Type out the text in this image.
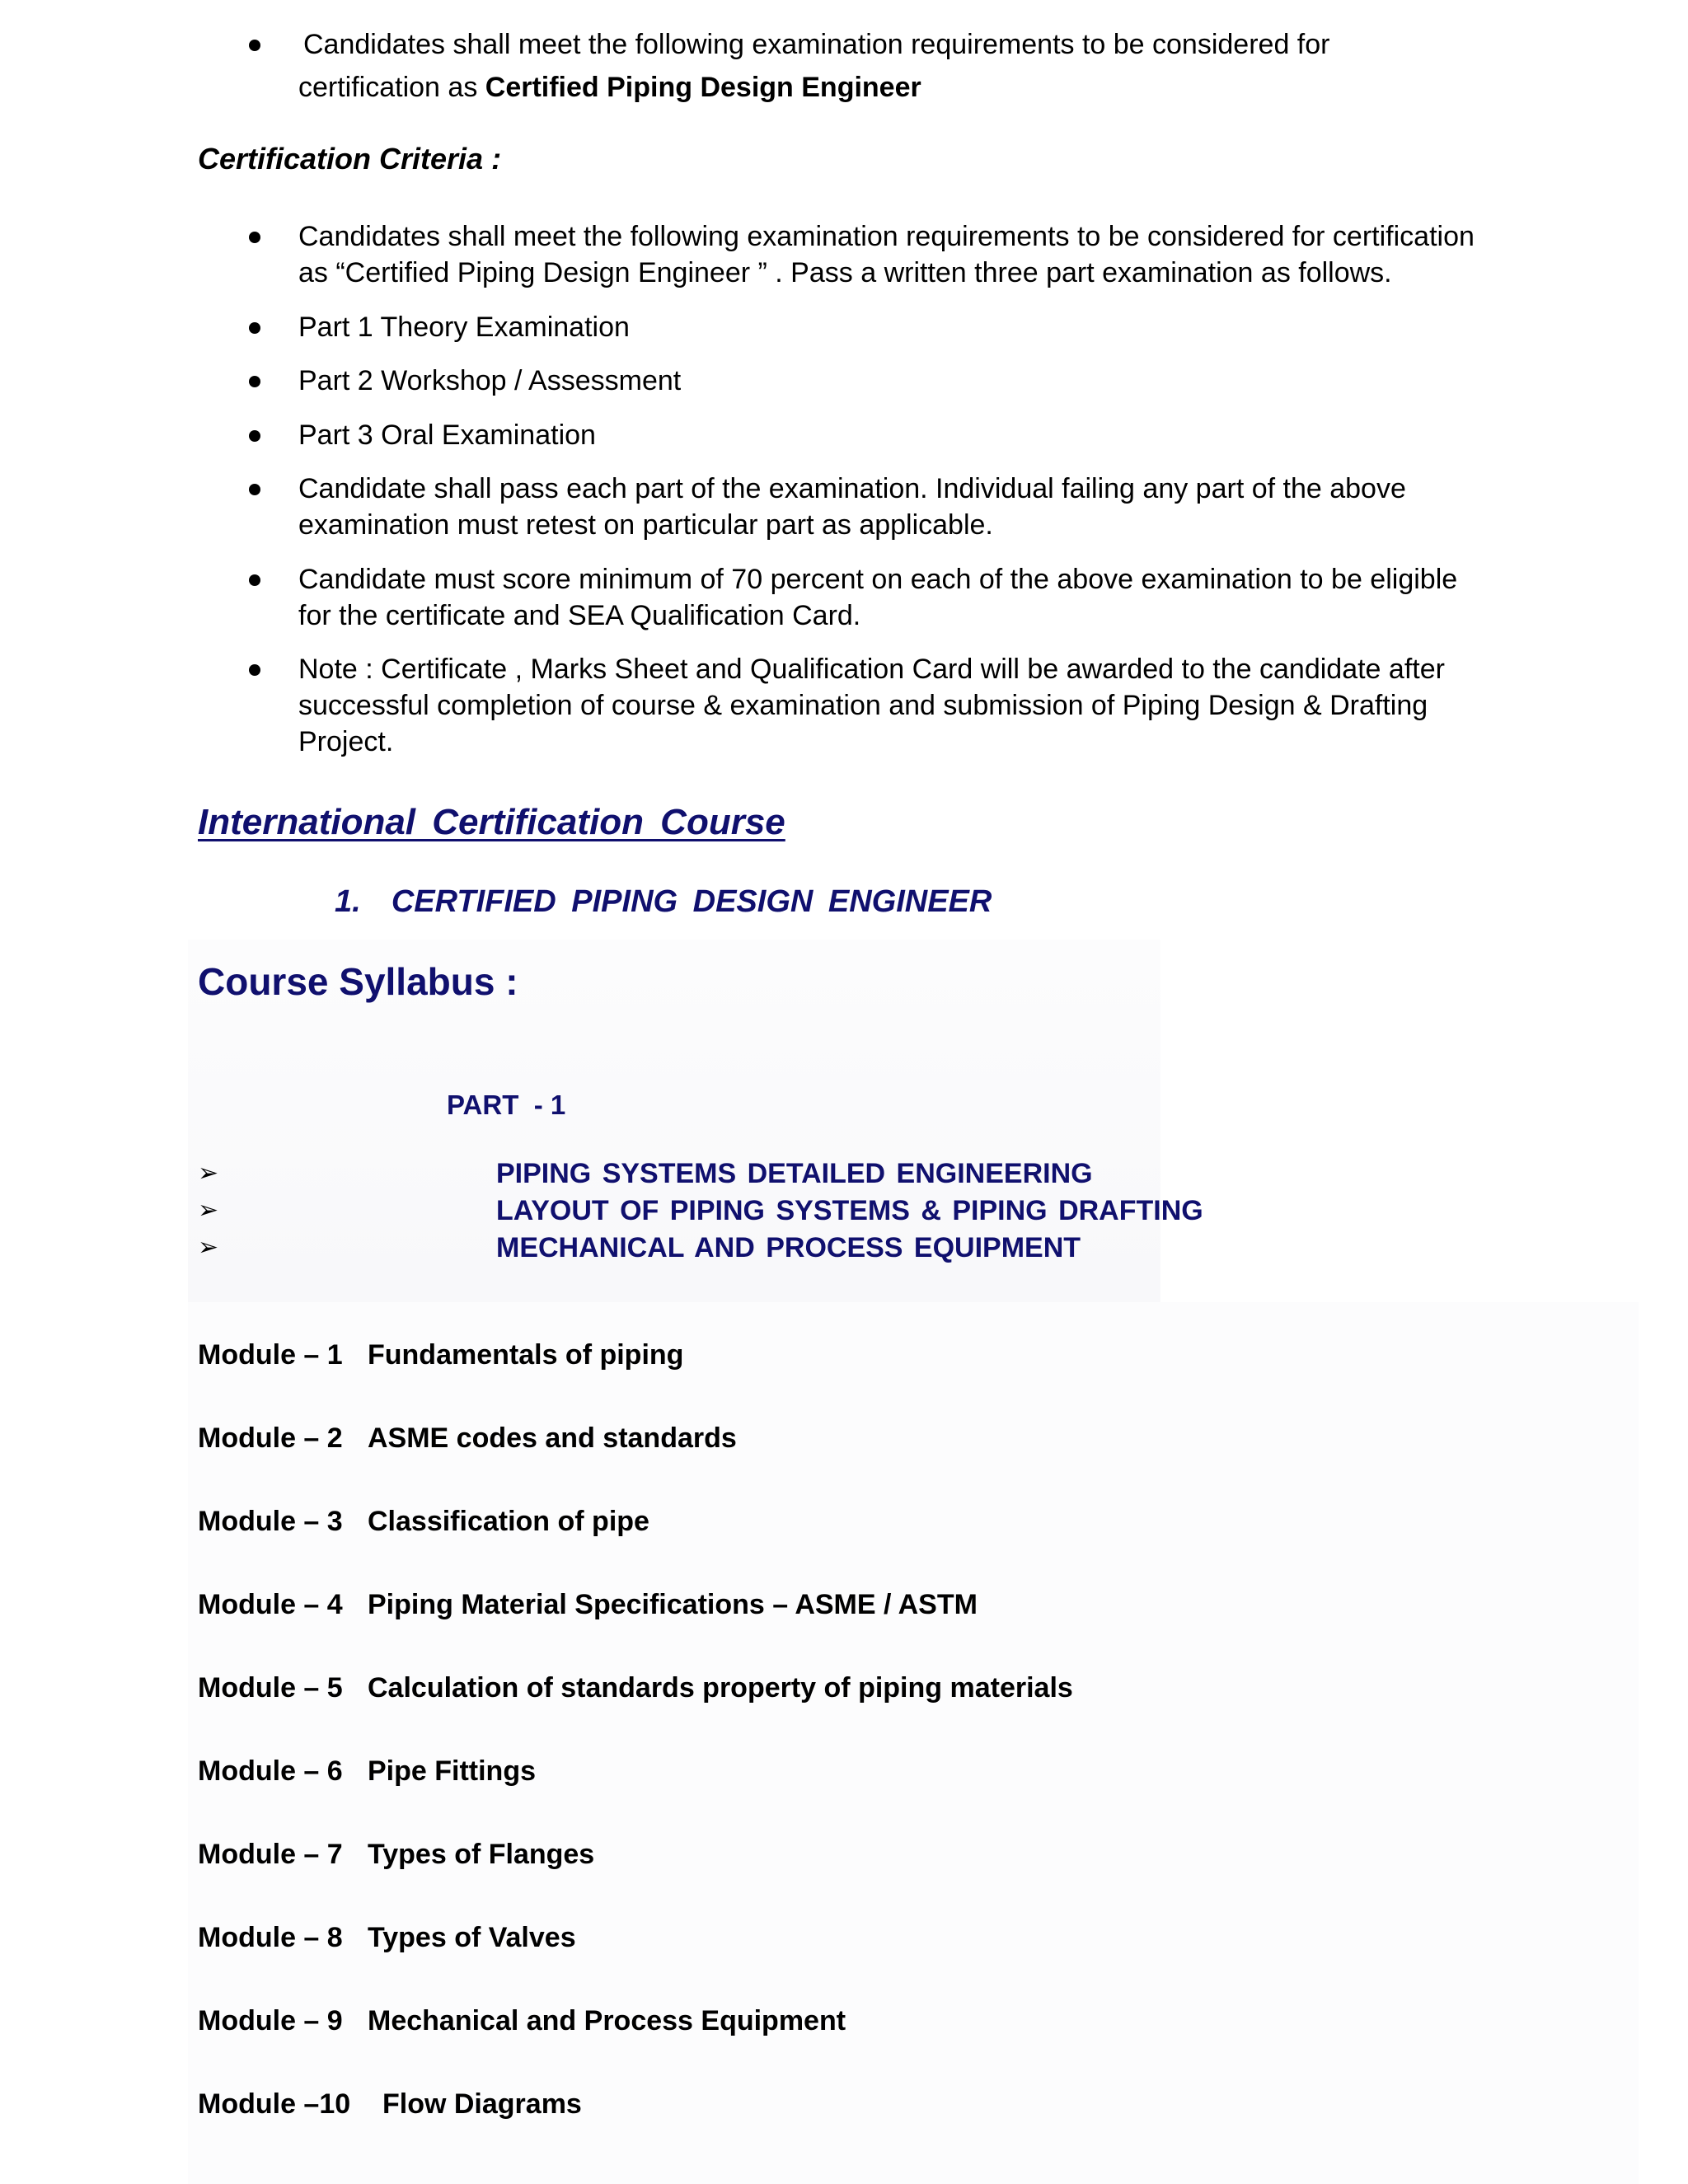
Candidates shall meet the following examination requirements to be considered for
certification as Certified Piping Design Engineer
Certification Criteria :
Candidates shall meet the following examination requirements to be considered for certification
as “Certified Piping Design Engineer ” . Pass a written three part examination as follows.
Part 1 Theory Examination
Part 2 Workshop / Assessment
Part 3 Oral Examination
Candidate shall pass each part of the examination. Individual failing any part of the above
examination must retest on particular part as applicable.
Candidate must score minimum of 70 percent on each of the above examination to be eligible
for the certificate and SEA Qualification Card.
Note : Certificate , Marks Sheet and Qualification Card will be awarded to the candidate after
successful completion of course & examination and submission of Piping Design & Drafting
Project.
International Certification Course
1. CERTIFIED PIPING DESIGN ENGINEER
Course Syllabus :
PART  - 1
➢	PIPING SYSTEMS DETAILED ENGINEERING
➢	LAYOUT OF PIPING SYSTEMS & PIPING DRAFTING
➢	MECHANICAL AND PROCESS EQUIPMENT
Module – 1 Fundamentals of piping
Module – 2 ASME codes and standards
Module – 3 Classification of pipe
Module – 4 Piping Material Specifications – ASME / ASTM
Module – 5 Calculation of standards property of piping materials
Module – 6 Pipe Fittings
Module – 7 Types of Flanges
Module – 8 Types of Valves
Module – 9 Mechanical and Process Equipment
Module –10 Flow Diagrams
